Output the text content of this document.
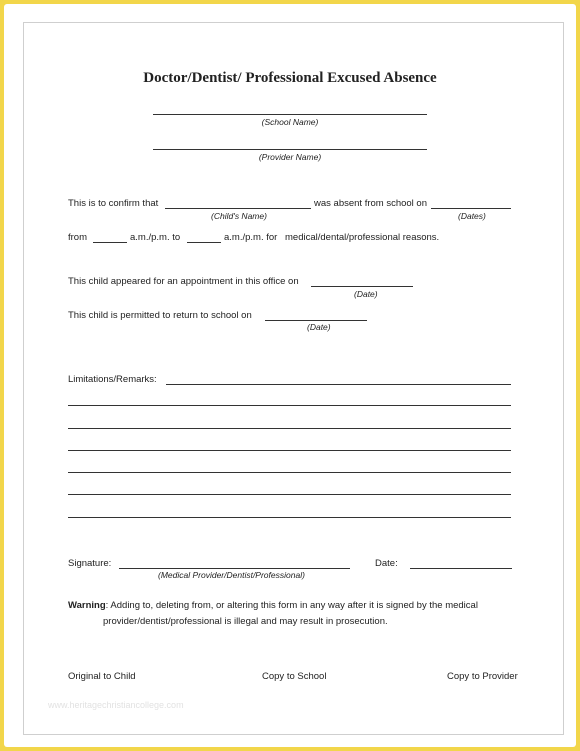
Doctor/Dentist/ Professional Excused Absence
(School Name)
(Provider Name)
This is to confirm that	was absent from school on
(Child's Name)	(Dates)
from	a.m./p.m. to	a.m./p.m. for medical/dental/professional reasons.
This child appeared for an appointment in this office on
(Date)
This child is permitted to return to school on
(Date)
Limitations/Remarks:
Signature:
(Medical Provider/Dentist/Professional)
Date:
Warning: Adding to, deleting from, or altering this form in any way after it is signed by the medical
provider/dentist/professional is illegal and may result in prosecution.
Original to Child	Copy to School	Copy to Provider
www.heritagechristiancollege.com
